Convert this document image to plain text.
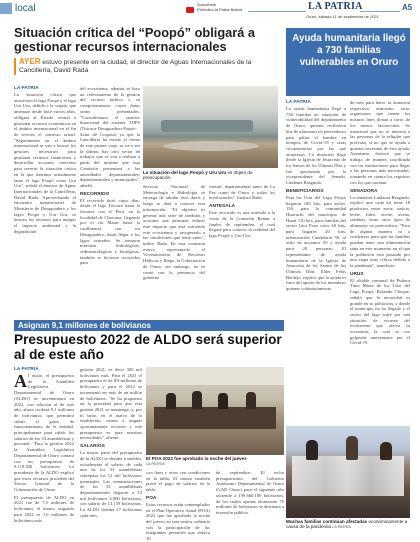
local	Suscríbete
Periódico la Patria Bolivia	LA PATRIA
Oruro, sábado 11 de septiembre de 2021
A5
Situación crítica del “Poopó” obligará a gestionar recursos internacionales
AYER estuvo presente en la ciudad, el director de Aguas Internacionales de la Cancillería, David Rada
La situación del lago Poopó y Uru Uru es objeto de preocupación
LA PATRIA
La situación crítica que atraviesan el lago Poopó y el lago Uru Uru, debido a la sequía, que amenaza desde hace varios años, obligará al Estado central a gestionar recursos económicos en el ámbito internacional en el fin de revertir el contexto actual. "Seguramente en el ámbito internacional se van a buscar los gestores necesarios para gestionar recursos financieros y desarrollar acciones concretas para revertir la situación crítica en la que tenemos actualmente tanto el lago Poopó como Uru Uru", señaló el director de Aguas Internacionales de la Cancillería, David Rada. Aprovechando el encuentro internacional de Ministerio de Desaguadero y los lagos Poopó y Uru Uru, se buscan los recursos para mitigar el impacto ambiental y la degradación
del ecosistema, además se hizo un relevamiento de la gestión del recurso hídrico y su comportamiento, cuyos datos serán presentados. "Consideramos el carácter binacional del sistema TDPS (Titicaca-Desaguadero-Poopó-Salar de Coipasa) ya que la Cancillería ha estado al frente de este primer viaje, se va a ver la última, hay otro sector de trabajos que se van a realizar a partir del informe que esta Comisión presentará a las autoridades departamentales, departamentales y municipales", añadió.
RECORRIDO
El recorrido duró cinco días, desde el lago Titicaca hasta la frontera con el Perú, en la localidad de Choroma, llegando por el río Mauri hasta la confluencia con río Desaguadero, hasta llegar a los lagos orureños. Se tomaron muestras hidrológicas, sedimentológicas y biológicas, también se hicieron recorridos para
Servicio Nacional de Meteorología e Hidrología se encarga de tabular esos datos y luego se dará a conocer esta información. "El objetivo es generar una serie de medidas y acciones que permitan reducir este impacto que está sufriendo este ecosistema y recuperarlo a las condiciones que tenía antes", indicó Rada. En esta comisión estuvo representado el Viceministerio de Recursos Hídricos y Riego, la Gobernación de Oruro, sin embargo, no se contó con la presencia del gobierno
central, departamental tanto de La Paz como de Oruro y todos los involucrados", finalizó Rada.
ANTESALA
Este recorrido es una antesala a la visita de la Comisión Remar a finales de septiembre, el cual llegará para conocer la realidad del lago Poopó y Uru Uru.
Ayuda humanitaria llegó a 730 familias vulnerables en Oruro
LA PATRIA
La ayuda humanitaria llegó a 730 familias en situación de vulnerabilidad del departamento de Oruro, quienes recibieron kits de alimentos no perecederos para paliar el hambre en tiempos de Covid-19 y otras circunstancias por las que atraviesan. La donación llegó desde la Iglesia de Jesucristo de los Santos de los Últimos Días y fue gestionada por la vicepresidente del Senado, Lindaura Rasguido.
BENEFICIARIOS
Para las Uras del Lago Poopó llegaron 180 kits, para asilos, 150, para la comunidad Huacuchi del municipio de Huari 150 kits, para familias del sector Inca Pozo otros 60 kits, para hogares 20 kits, urbanización Candelaria 50, al asilo de ancianos 50 y ayuda para 20 personas. El representante de ayuda humanitaria de la Iglesia de Jesucristo de los Santos de los Últimos Días, Elder Febis Berdejo, explicó que la ayuda es fruto del aporte de los miembros quienes voluntariamente
de mes para hacer la donación respectiva, asimismo, otros organismos que tienen los mismos fines donan a favor de los menos favorecidos. Se mencionó que no se interesa a las personas de la religión que profesan, si no que se ayuda a quienes necesitan de esta ayuda. Asimismo, destacó que se trabaja de manera coordinada con las instituciones para llegar a las personas más necesitadas, tomando en cuenta los registros con los que cuentan.
SENADORA
La senadora Lindaura Rasguido, explicó que cada kit tiene 18 productos entre arroz, azúcar, leche, fideo, aceite, avena, sardinas, entre otros tipos de alimentos no perecederos. "Esto de alguna manera va a coadyuvar para que las familias puedan tener una alimentación sana en este momento en el que la población está pasando por una etapa muy crítica debido a la pandemia", manifestó.
URUS
El alcalde comunal de Puñaca Tinta María de los Urus del Lago Poopó, Rolando Choque, señaló que la necesidad es grande en su población, y donde el municipio no ha llegado y el sector del lago sufre por una situación de escasez del ecosistema que afecta su economía, la cual se vio golpeada nuevamente por el Covid-19.
Muchas familias continúan afectadas económicamente a causa de la pandemia LA PATRIA
Asignan 9,1 millones de bolivianos
Presupuesto 2022 de ALDO será superior al de este año
LA PATRIA
Al inicio, el presupuesto de la Asamblea Legislativa Departamental de Oruro (ALDO) se incrementará en 2022, con relación al de este año, ahora recibirá 9,1 millones de bolivianos, que permitirá cubrir el gasto de funcionamiento de la entidad, principalmente para cubrir los salarios de los 33 asambleístas y personal. "Para la gestión 2022 la Asamblea Legislativa Departamental de Oruro contará con un presupuesto de 9.119.500 bolivianos. La presidenta de la ALDO explicó que estos recursos proceden del Tesoro General de la Gobernación de Oruro.
El presupuesto de ALDO en 2021 fue de 7,5 millones de bolivianos, el monto asignado para 2022 es 1,6 millones de bolivianos más.
gestión 2021, es decir 300 mil bolivianos más. Para el 2021 el presupuesto es de 8,8 millones de bolivianos y para el 2022 se incrementó en más de un millón de bolivianos. "Se ha propuesto en la prioridad para que esta gestión 2021 se mantenga, y, por lo tanto, en el marco de lo establecido, vamos a asignar oportunamente recursos y este presupuesto es para nuestras necesidades", afirmó.
SALARIOS
La mayor parte del presupuesto de la ALDO se destina a sueldos, actualmente el salario de cada uno de los 33 asambleístas sobrepasa los 12 mil bolivianos mensuales. Las remuneraciones de los 33 asambleístas departamentales llegaron a 12 mil bolivianos 4.900 bolivianos, con salario de 13.139 bolivianos. La ALDO destina 27 bolivianos cada mes.
El POA 2022 fue aprobado la noche del jueves
LA PATRIA
con fines y otros con condiciones en la tabla. El monto también prevé el pago de salarios en la tabla.
POA
Estos recursos están contemplados en el Plan Operativo Anual (POA) 2022 que fue aprobado la noche del jueves en una sesión ordinaria con la participación de los integrantes presentes que obtuvo 10
de septiembre. El techo presupuestario del Gobierno Autónomo Departamental de Oruro (GAD Oruro) para el siguiente año asciende a 199.660.100 bolivianos, de los cuales apenas alcanzarán 70 millones de bolivianos se destinará a inversión pública.
